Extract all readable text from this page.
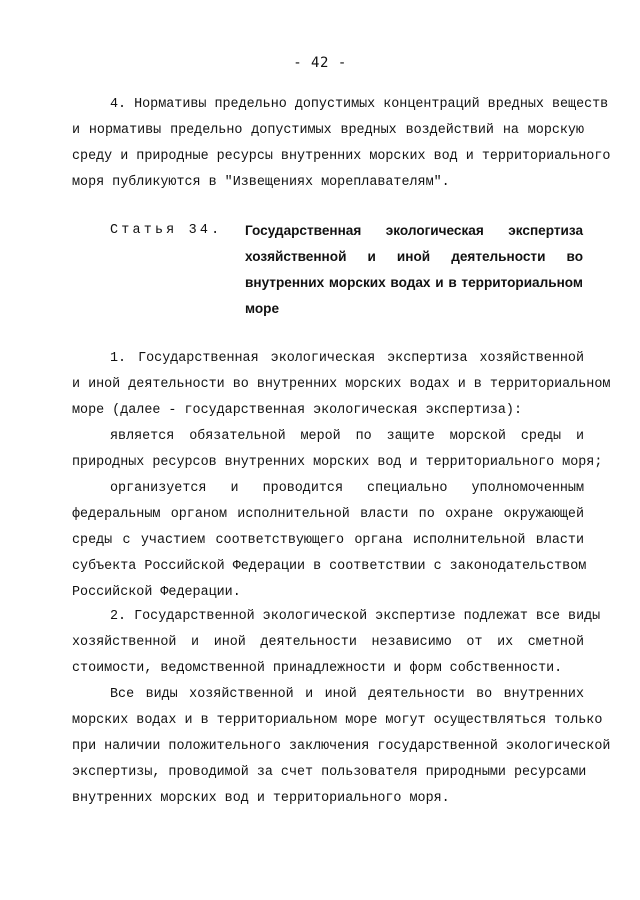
- 42 -
4. Нормативы предельно допустимых концентраций вредных веществ
и нормативы предельно допустимых вредных воздействий на морскую
среду и природные ресурсы внутренних морских вод и территориального
моря публикуются в "Извещениях мореплавателям".
Статья 34. Государственная экологическая экспертиза
хозяйственной и иной деятельности во
внутренних морских водах и в территориальном
море
1. Государственная экологическая экспертиза хозяйственной
и иной деятельности во внутренних морских водах и в территориальном
море (далее - государственная экологическая экспертиза):
является обязательной мерой по защите морской среды и
природных ресурсов внутренних морских вод и территориального моря;
организуется и проводится специально уполномоченным
федеральным органом исполнительной власти по охране окружающей
среды с участием соответствующего органа исполнительной власти
субъекта Российской Федерации в соответствии с законодательством
Российской Федерации.
2. Государственной экологической экспертизе подлежат все виды
хозяйственной и иной деятельности независимо от их сметной
стоимости, ведомственной принадлежности и форм собственности.
Все виды хозяйственной и иной деятельности во внутренних
морских водах и в территориальном море могут осуществляться только
при наличии положительного заключения государственной экологической
экспертизы, проводимой за счет пользователя природными ресурсами
внутренних морских вод и территориального моря.
